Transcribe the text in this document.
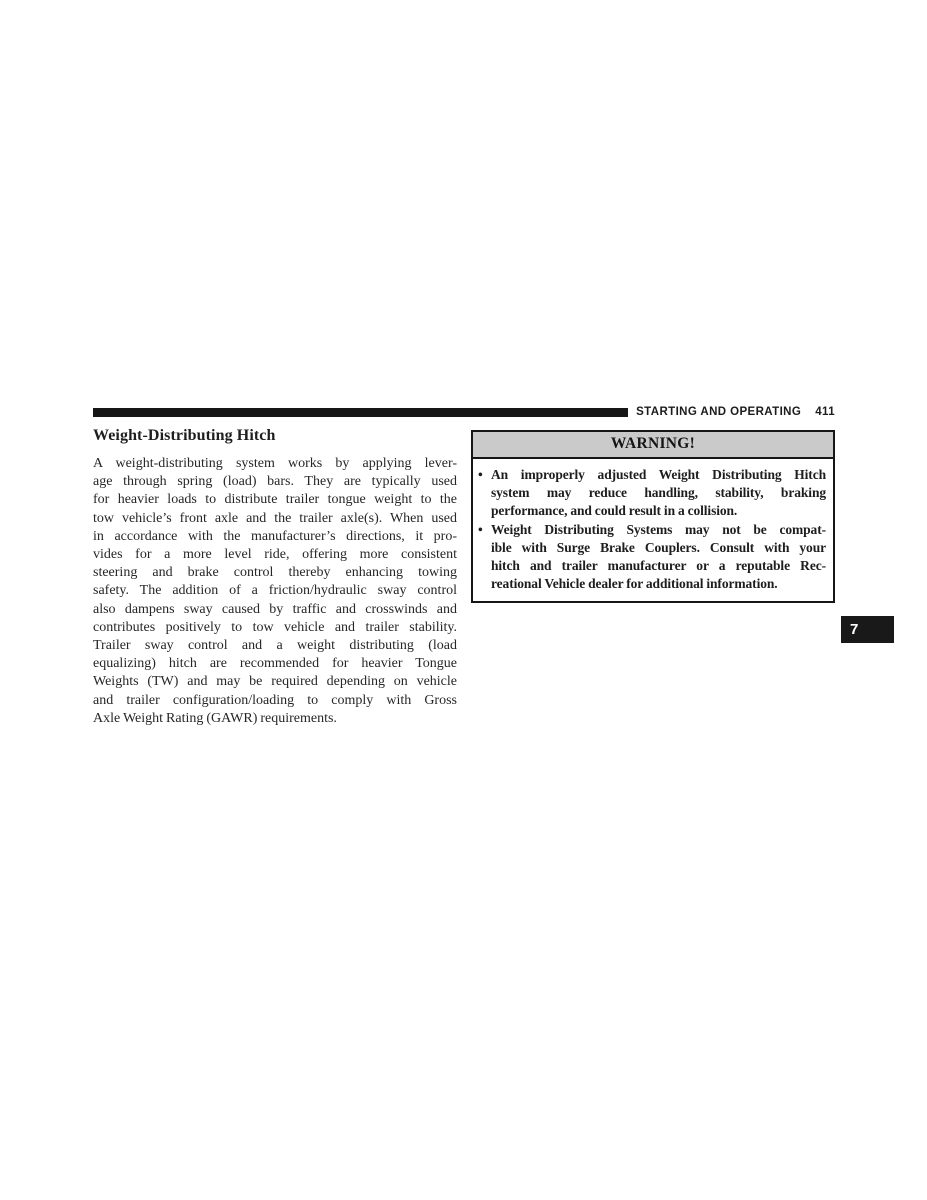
STARTING AND OPERATING 411
Weight-Distributing Hitch
A weight-distributing system works by applying lever-
age through spring (load) bars. They are typically used
for heavier loads to distribute trailer tongue weight to the
tow vehicle’s front axle and the trailer axle(s). When used
in accordance with the manufacturer’s directions, it pro-
vides for a more level ride, offering more consistent
steering and brake control thereby enhancing towing
safety. The addition of a friction/hydraulic sway control
also dampens sway caused by traffic and crosswinds and
contributes positively to tow vehicle and trailer stability.
Trailer sway control and a weight distributing (load
equalizing) hitch are recommended for heavier Tongue
Weights (TW) and may be required depending on vehicle
and trailer configuration/loading to comply with Gross
Axle Weight Rating (GAWR) requirements.
WARNING!
• An improperly adjusted Weight Distributing Hitch
system may reduce handling, stability, braking
performance, and could result in a collision.
• Weight Distributing Systems may not be compat-
ible with Surge Brake Couplers. Consult with your
hitch and trailer manufacturer or a reputable Rec-
reational Vehicle dealer for additional information.
7
